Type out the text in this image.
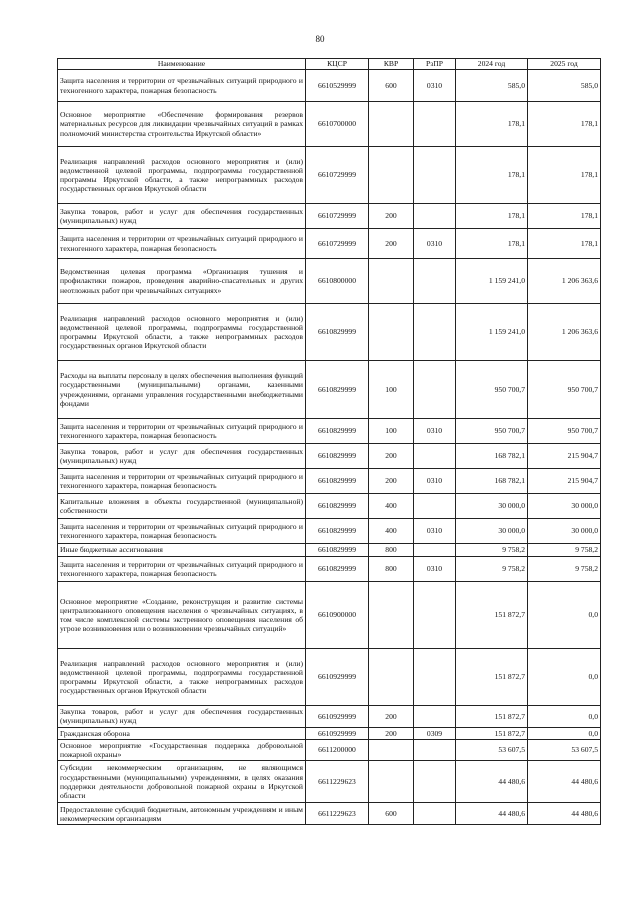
80
Наименование	КЦСР	КВР	РзПР	2024 год	2025 год
Защита населения и территории от чрезвычайных ситуаций природного и техногенного характера, пожарная безопасность	6610529999	600	0310	585,0	585,0
Основное мероприятие «Обеспечение формирования резервов материальных ресурсов для ликвидации чрезвычайных ситуаций в рамках полномочий министерства строительства Иркутской области»	6610700000			178,1	178,1
Реализация направлений расходов основного мероприятия и (или) ведомственной целевой программы, подпрограммы государственной программы Иркутской области, а также непрограммных расходов государственных органов Иркутской области	6610729999			178,1	178,1
Закупка товаров, работ и услуг для обеспечения государственных (муниципальных) нужд	6610729999	200		178,1	178,1
Защита населения и территории от чрезвычайных ситуаций природного и техногенного характера, пожарная безопасность	6610729999	200	0310	178,1	178,1
Ведомственная целевая программа «Организация тушения и профилактики пожаров, проведения аварийно-спасательных и других неотложных работ при чрезвычайных ситуациях»	6610800000			1 159 241,0	1 206 363,6
Реализация направлений расходов основного мероприятия и (или) ведомственной целевой программы, подпрограммы государственной программы Иркутской области, а также непрограммных расходов государственных органов Иркутской области	6610829999			1 159 241,0	1 206 363,6
Расходы на выплаты персоналу в целях обеспечения выполнения функций государственными (муниципальными) органами, казенными учреждениями, органами управления государственными внебюджетными фондами	6610829999	100		950 700,7	950 700,7
Защита населения и территории от чрезвычайных ситуаций природного и техногенного характера, пожарная безопасность	6610829999	100	0310	950 700,7	950 700,7
Закупка товаров, работ и услуг для обеспечения государственных (муниципальных) нужд	6610829999	200		168 782,1	215 904,7
Защита населения и территории от чрезвычайных ситуаций природного и техногенного характера, пожарная безопасность	6610829999	200	0310	168 782,1	215 904,7
Капитальные вложения в объекты государственной (муниципальной) собственности	6610829999	400		30 000,0	30 000,0
Защита населения и территории от чрезвычайных ситуаций природного и техногенного характера, пожарная безопасность	6610829999	400	0310	30 000,0	30 000,0
Иные бюджетные ассигнования	6610829999	800		9 758,2	9 758,2
Защита населения и территории от чрезвычайных ситуаций природного и техногенного характера, пожарная безопасность	6610829999	800	0310	9 758,2	9 758,2
Основное мероприятие «Создание, реконструкция и развитие системы централизованного оповещения населения о чрезвычайных ситуациях, в том числе комплексной системы экстренного оповещения населения об угрозе возникновения или о возникновении чрезвычайных ситуаций»	6610900000			151 872,7	0,0
Реализация направлений расходов основного мероприятия и (или) ведомственной целевой программы, подпрограммы государственной программы Иркутской области, а также непрограммных расходов государственных органов Иркутской области	6610929999			151 872,7	0,0
Закупка товаров, работ и услуг для обеспечения государственных (муниципальных) нужд	6610929999	200		151 872,7	0,0
Гражданская оборона	6610929999	200	0309	151 872,7	0,0
Основное мероприятие «Государственная поддержка добровольной пожарной охраны»	6611200000			53 607,5	53 607,5
Субсидии некоммерческим организациям, не являющимся государственными (муниципальными) учреждениями, в целях оказания поддержки деятельности добровольной пожарной охраны в Иркутской области	6611229623			44 480,6	44 480,6
Предоставление субсидий бюджетным, автономным учреждениям и иным некоммерческим организациям	6611229623	600		44 480,6	44 480,6
